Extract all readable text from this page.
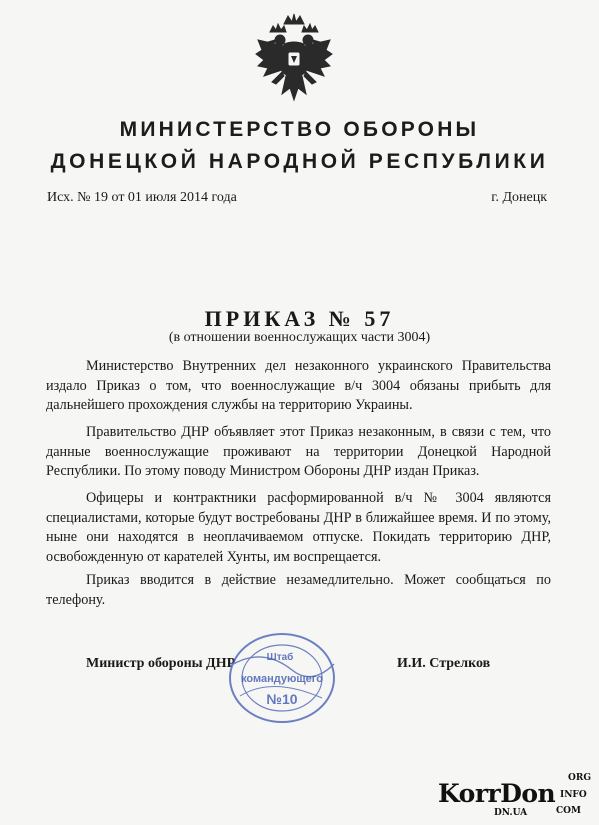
МИНИСТЕРСТВО ОБОРОНЫ
ДОНЕЦКОЙ НАРОДНОЙ РЕСПУБЛИКИ
Исх. № 19 от 01 июля 2014 года	г. Донецк
ПРИКАЗ № 57
(в отношении военнослужащих части 3004)
Министерство Внутренних дел незаконного украинского Правительства издало Приказ о том, что военнослужащие в/ч 3004 обязаны прибыть для дальнейшего прохождения службы на территорию Украины.
Правительство ДНР объявляет этот Приказ незаконным, в связи с тем, что данные военнослужащие проживают на территории Донецкой Народной Республики. По этому поводу Министром Обороны ДНР издан Приказ.
Офицеры и контрактники расформированной в/ч № 3004 являются специалистами, которые будут востребованы ДНР в ближайшее время. И по этому, ныне они находятся в неоплачиваемом отпуске. Покидать территорию ДНР, освобожденную от карателей Хунты, им воспрещается.
Приказ вводится в действие незамедлительно. Может сообщаться по телефону.
Министр обороны ДНР	И.И. Стрелков
Штаб
командующего
№10
KorrDon
ORG
INFO
DN.UA	COM
